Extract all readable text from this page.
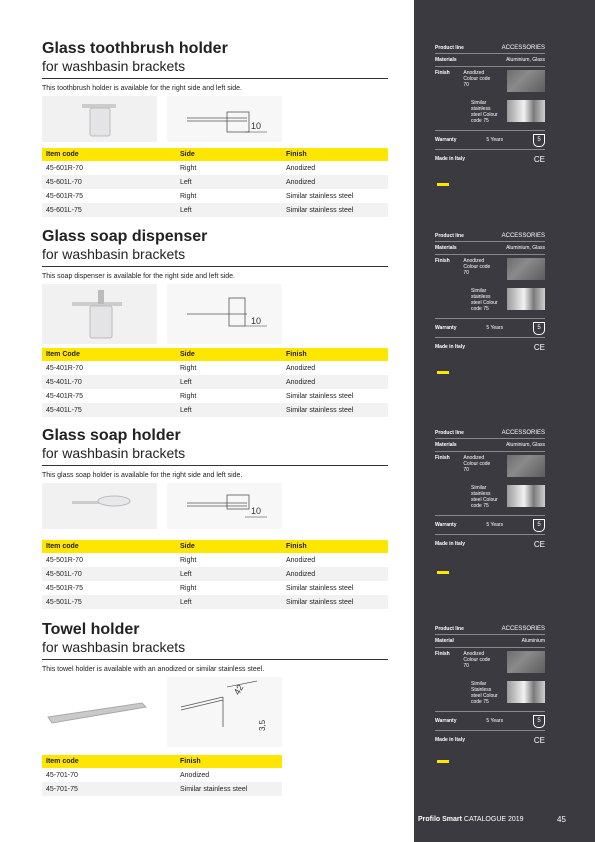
Glass toothbrush holder
for washbasin brackets
This toothbrush holder is available for the right side and left side.
10
Item code	Side	Finish
45-601R-70	Right	Anodized
45-601L-70	Left	Anodized
45-601R-75	Right	Similar stainless steel
45-601L-75	Left	Similar stainless steel
Glass soap dispenser
for washbasin brackets
This soap dispenser is available for the right side and left side.
10
Item Code	Side	Finish
45-401R-70	Right	Anodized
45-401L-70	Left	Anodized
45-401R-75	Right	Similar stainless steel
45-401L-75	Left	Similar stainless steel
Glass soap holder
for washbasin brackets
This glass soap holder is available for the right side and left side.
10
Item code	Side	Finish
45-501R-70	Right	Anodized
45-501L-70	Left	Anodized
45-501R-75	Right	Similar stainless steel
45-501L-75	Left	Similar stainless steel
Towel holder
for washbasin brackets
This towel holder is available with an anodized or similar stainless steel.
42
3,5
Item code	Finish
45-701-70	Anodized
45-701-75	Similar stainless steel
Product line	ACCESSORIES
Materials	Aluminium, Glass
Finish	Anodized Colour code 70
Similar stainless steel Colour code 75
Warranty	5 Years	5
Made in Italy	CE
Product line	ACCESSORIES
Materials	Aluminium, Glass
Finish	Anodized Colour code 70
Similar stainless steel Colour code 75
Warranty	5 Years	5
Made in Italy	CE
Product line	ACCESSORIES
Materials	Aluminium, Glass
Finish	Anodized Colour code 70
Similar stainless steel Colour code 75
Warranty	5 Years	5
Made in Italy	CE
Product line	ACCESSORIES
Material	Aluminium
Finish	Anodized Colour code 70
Similar Stainless steel Colour code 75
Warranty	5 Years	5
Made in Italy	CE
Profilo Smart CATALOGUE 2019	45
